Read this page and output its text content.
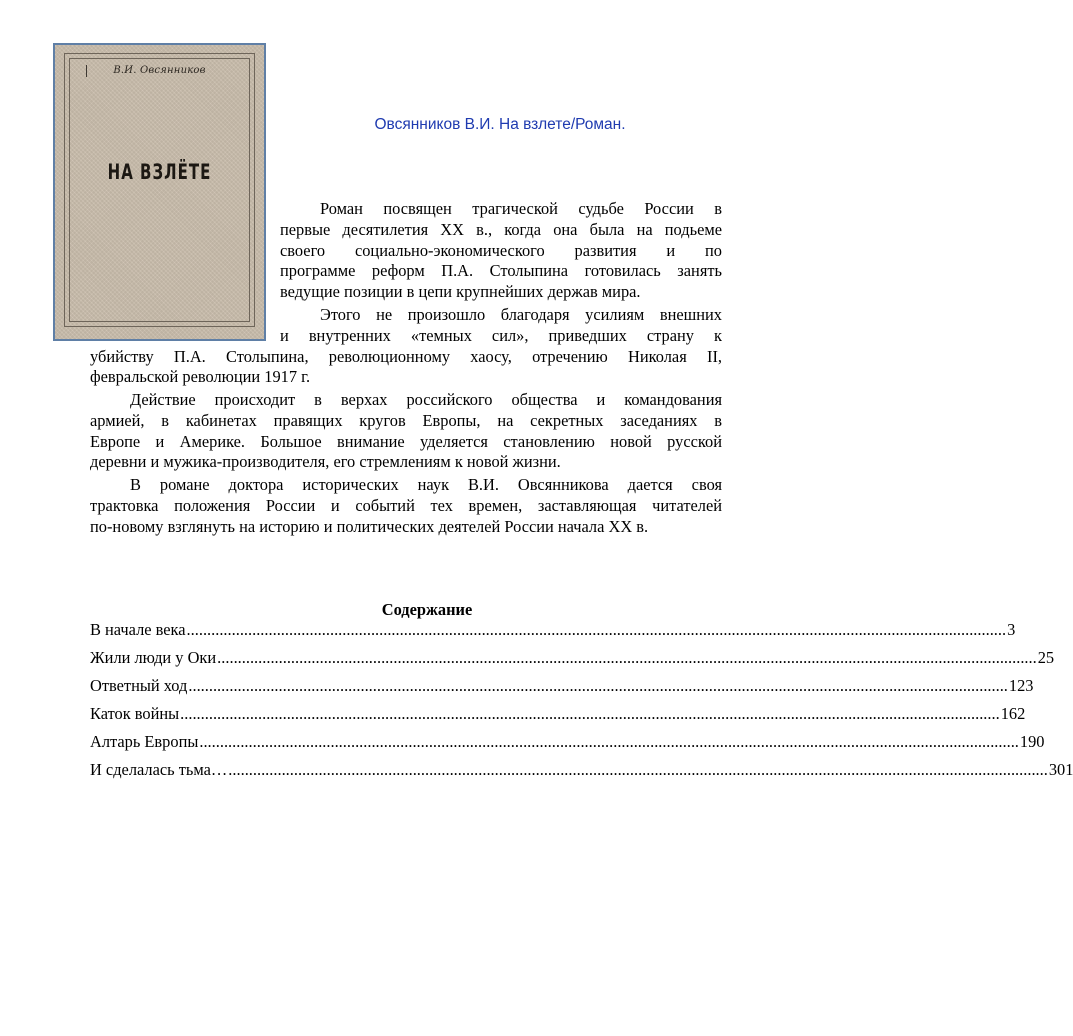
В.И. Овсянников
НА ВЗЛЁТЕ
Овсянников В.И. На взлете/Роман.
Роман посвящен трагической судьбе России в
первые десятилетия ХХ в., когда она была на подьеме
своего социально-экономического развития и по
программе реформ П.А. Столыпина готовилась занять
ведущие позиции в цепи крупнейших держав мира.
Этого не произошло благодаря усилиям внешних
и внутренних «темных сил», приведших страну к
убийству П.А. Столыпина, революционному хаосу, отречению Николая II,
февральской революции 1917 г.
Действие происходит в верхах российского общества и командования
армией, в кабинетах правящих кругов Европы, на секретных заседаниях в
Европе и Америке. Большое внимание уделяется становлению новой русской
деревни и мужика-производителя, его стремлениям к новой жизни.
В романе доктора исторических наук В.И. Овсянникова дается своя
трактовка положения России и событий тех времен, заставляющая читателей
по-новому взглянуть на историю и политических деятелей России начала ХХ в.
Содержание
В начале века ........................................................................................................................................................................................................ 3
Жили люди у Оки ........................................................................................................................................................................................................ 25
Ответный ход ........................................................................................................................................................................................................ 123
Каток войны ........................................................................................................................................................................................................ 162
Алтарь Европы ........................................................................................................................................................................................................ 190
И сделалась тьма… ........................................................................................................................................................................................................ 301
